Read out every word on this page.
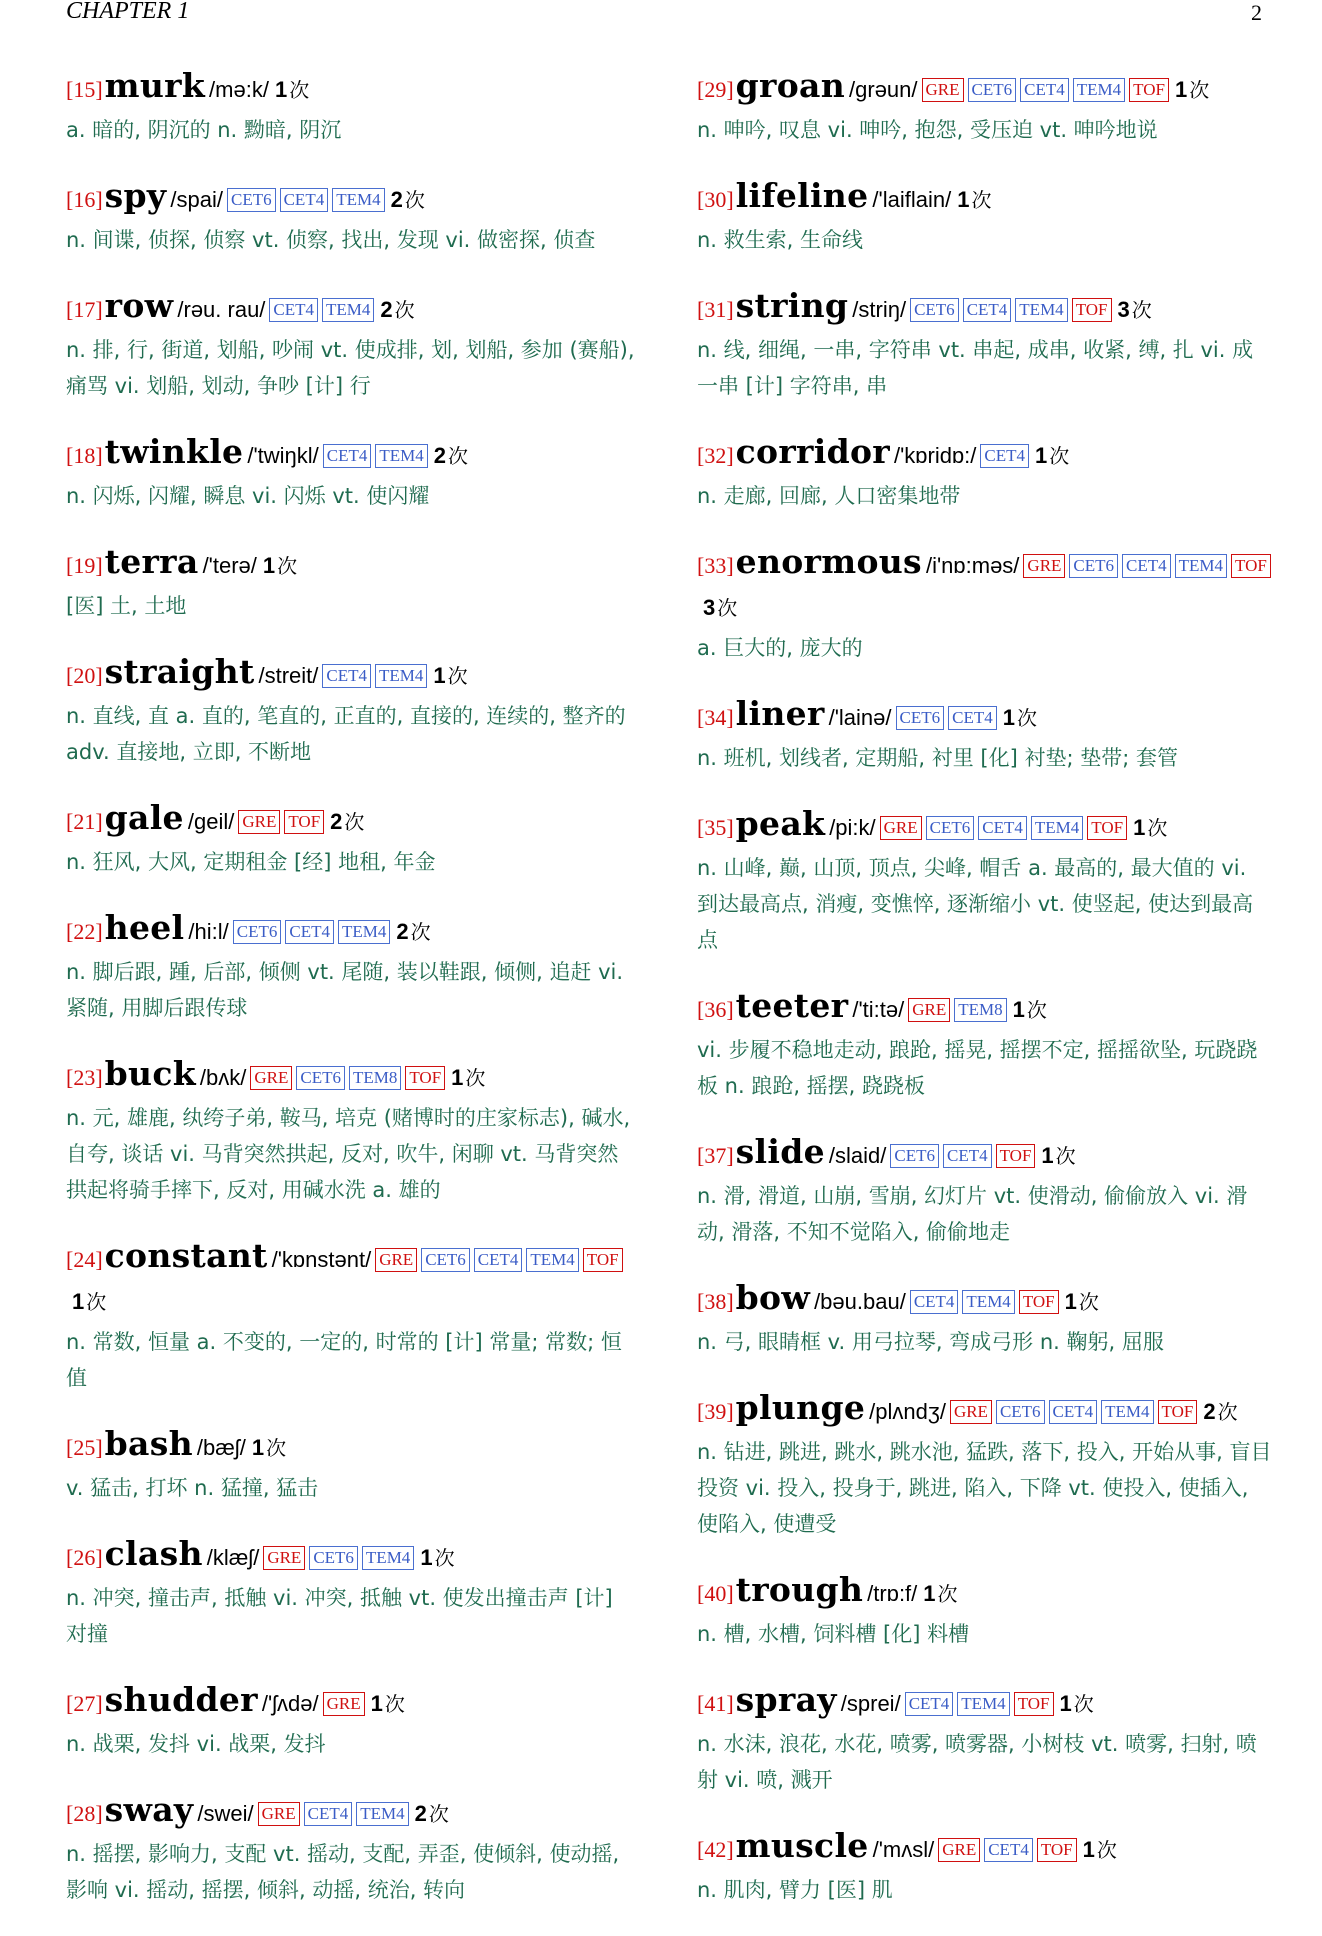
CHAPTER 1	2
[15]murk /mə:k/ 1 次
a. 暗的, 阴沉的 n. 黝暗, 阴沉
[16]spy /spai/ CET6 CET4 TEM4 2 次
n. 间谍, 侦探, 侦察 vt. 侦察, 找出, 发现 vi. 做密探, 侦查
[17]row /rəu. rau/ CET4 TEM4 2 次
n. 排, 行, 街道, 划船, 吵闹 vt. 使成排, 划, 划船, 参加 (赛船), 痛骂 vi. 划船, 划动, 争吵 [计] 行
[18]twinkle /'twiŋkl/ CET4 TEM4 2 次
n. 闪烁, 闪耀, 瞬息 vi. 闪烁 vt. 使闪耀
[19]terra /'terə/ 1 次
[医] 土, 土地
[20]straight /streit/ CET4 TEM4 1 次
n. 直线, 直 a. 直的, 笔直的, 正直的, 直接的, 连续的, 整齐的 adv. 直接地, 立即, 不断地
[21]gale /geil/ GRE TOF 2 次
n. 狂风, 大风, 定期租金 [经] 地租, 年金
[22]heel /hi:l/ CET6 CET4 TEM4 2 次
n. 脚后跟, 踵, 后部, 倾侧 vt. 尾随, 装以鞋跟, 倾侧, 追赶 vi. 紧随, 用脚后跟传球
[23]buck /bʌk/ GRE CET6 TEM8 TOF 1 次
n. 元, 雄鹿, 纨绔子弟, 鞍马, 培克 (赌博时的庄家标志), 碱水, 自夸, 谈话 vi. 马背突然拱起, 反对, 吹牛, 闲聊 vt. 马背突然拱起将骑手摔下, 反对, 用碱水洗 a. 雄的
[24]constant /'kɒnstənt/ GRE CET6 CET4 TEM4 TOF1 次
n. 常数, 恒量 a. 不变的, 一定的, 时常的 [计] 常量; 常数; 恒值
[25]bash /bæʃ/ 1 次
v. 猛击, 打坏 n. 猛撞, 猛击
[26]clash /klæʃ/ GRE CET6 TEM4 1 次
n. 冲突, 撞击声, 抵触 vi. 冲突, 抵触 vt. 使发出撞击声 [计] 对撞
[27]shudder /'ʃʌdə/ GRE 1 次
n. 战栗, 发抖 vi. 战栗, 发抖
[28]sway /swei/ GRE CET4 TEM4 2 次
n. 摇摆, 影响力, 支配 vt. 摇动, 支配, 弄歪, 使倾斜, 使动摇, 影响 vi. 摇动, 摇摆, 倾斜, 动摇, 统治, 转向
[29]groan /grəun/ GRE CET6 CET4 TEM4 TOF 1 次
n. 呻吟, 叹息 vi. 呻吟, 抱怨, 受压迫 vt. 呻吟地说
[30]lifeline /'laiflain/ 1 次
n. 救生索, 生命线
[31]string /striŋ/ CET6 CET4 TEM4 TOF 3 次
n. 线, 细绳, 一串, 字符串 vt. 串起, 成串, 收紧, 缚, 扎 vi. 成一串 [计] 字符串, 串
[32]corridor /'kɒridɒ:/ CET4 1 次
n. 走廊, 回廊, 人口密集地带
[33]enormous /i'nɒ:məs/ GRE CET6 CET4 TEM4 TOF3 次
a. 巨大的, 庞大的
[34]liner /'lainə/ CET6 CET4 1 次
n. 班机, 划线者, 定期船, 衬里 [化] 衬垫; 垫带; 套管
[35]peak /pi:k/ GRE CET6 CET4 TEM4 TOF 1 次
n. 山峰, 巅, 山顶, 顶点, 尖峰, 帽舌 a. 最高的, 最大值的 vi. 到达最高点, 消瘦, 变憔悴, 逐渐缩小 vt. 使竖起, 使达到最高点
[36]teeter /'ti:tə/ GRE TEM8 1 次
vi. 步履不稳地走动, 踉跄, 摇晃, 摇摆不定, 摇摇欲坠, 玩跷跷板 n. 踉跄, 摇摆, 跷跷板
[37]slide /slaid/ CET6 CET4 TOF 1 次
n. 滑, 滑道, 山崩, 雪崩, 幻灯片 vt. 使滑动, 偷偷放入 vi. 滑动, 滑落, 不知不觉陷入, 偷偷地走
[38]bow /bəu.bau/ CET4 TEM4 TOF 1 次
n. 弓, 眼睛框 v. 用弓拉琴, 弯成弓形 n. 鞠躬, 屈服
[39]plunge /plʌndʒ/ GRE CET6 CET4 TEM4 TOF 2 次
n. 钻进, 跳进, 跳水, 跳水池, 猛跌, 落下, 投入, 开始从事, 盲目投资 vi. 投入, 投身于, 跳进, 陷入, 下降 vt. 使投入, 使插入, 使陷入, 使遭受
[40]trough /trɒ:f/ 1 次
n. 槽, 水槽, 饲料槽 [化] 料槽
[41]spray /sprei/ CET4 TEM4 TOF 1 次
n. 水沫, 浪花, 水花, 喷雾, 喷雾器, 小树枝 vt. 喷雾, 扫射, 喷射 vi. 喷, 溅开
[42]muscle /'mʌsl/ GRE CET4 TOF 1 次
n. 肌肉, 臂力 [医] 肌
